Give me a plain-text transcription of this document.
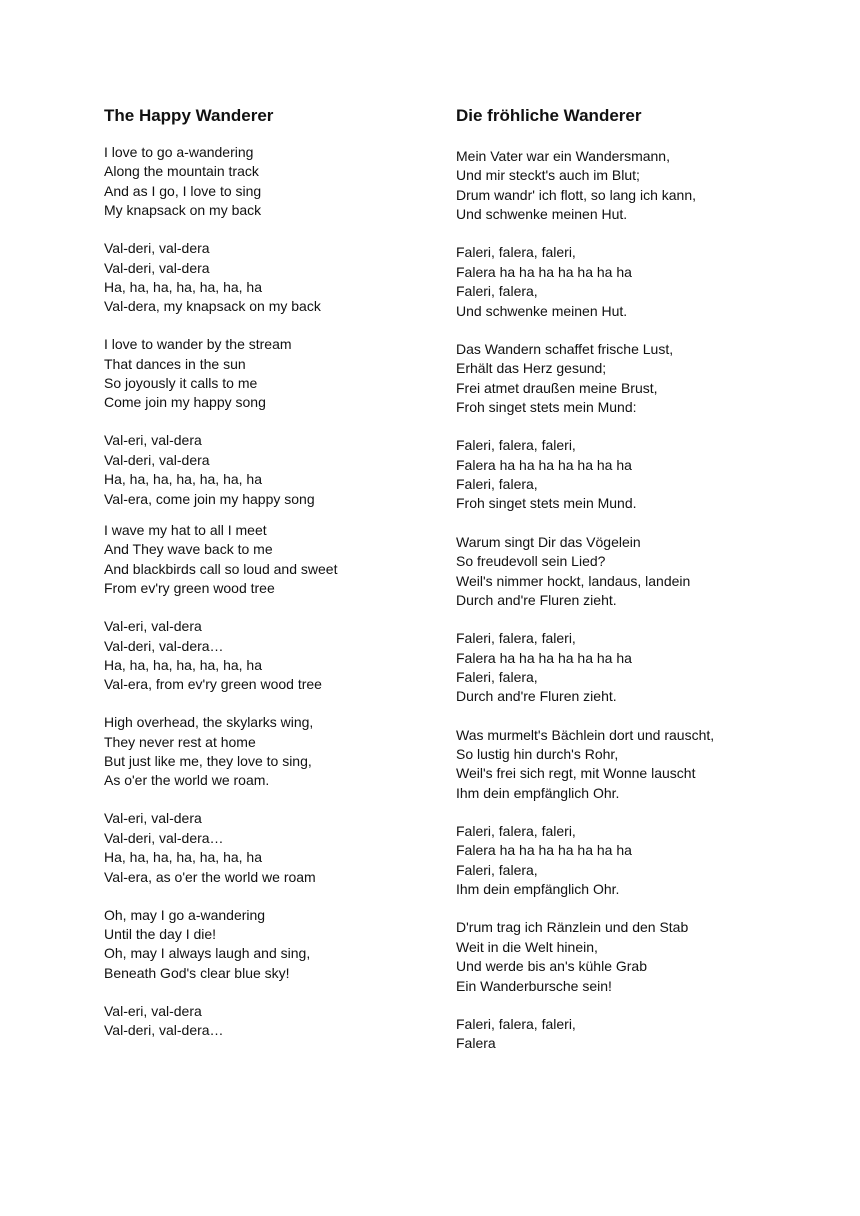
The Happy Wanderer

I love to go a-wandering
Along the mountain track
And as I go, I love to sing
My knapsack on my back

Val-deri, val-dera
Val-deri, val-dera
Ha, ha, ha, ha, ha, ha, ha
Val-dera, my knapsack on my back

I love to wander by the stream
That dances in the sun
So joyously it calls to me
Come join my happy song

Val-eri, val-dera
Val-deri, val-dera
Ha, ha, ha, ha, ha, ha, ha
Val-era, come join my happy song

I wave my hat to all I meet
And They wave back to me
And blackbirds call so loud and sweet
From ev'ry green wood tree

Val-eri, val-dera
Val-deri, val-dera…
Ha, ha, ha, ha, ha, ha, ha
Val-era, from ev'ry green wood tree

High overhead, the skylarks wing,
They never rest at home
But just like me, they love to sing,
As o'er the world we roam.

Val-eri, val-dera
Val-deri, val-dera…
Ha, ha, ha, ha, ha, ha, ha
Val-era, as o'er the world we roam

Oh, may I go a-wandering
Until the day I die!
Oh, may I always laugh and sing,
Beneath God's clear blue sky!

Val-eri, val-dera
Val-deri, val-dera…

Die fröhliche Wanderer

Mein Vater war ein Wandersmann,
Und mir steckt's auch im Blut;
Drum wandr' ich flott, so lang ich kann,
Und schwenke meinen Hut.

Faleri, falera, faleri,
Falera ha ha ha ha ha ha ha
Faleri, falera,
Und schwenke meinen Hut.

Das Wandern schaffet frische Lust,
Erhält das Herz gesund;
Frei atmet draußen meine Brust,
Froh singet stets mein Mund:

Faleri, falera, faleri,
Falera ha ha ha ha ha ha ha
Faleri, falera,
Froh singet stets mein Mund.

Warum singt Dir das Vögelein
So freudevoll sein Lied?
Weil's nimmer hockt, landaus, landein
Durch and're Fluren zieht.

Faleri, falera, faleri,
Falera ha ha ha ha ha ha ha
Faleri, falera,
Durch and're Fluren zieht.

Was murmelt's Bächlein dort und rauscht,
So lustig hin durch's Rohr,
Weil's frei sich regt, mit Wonne lauscht
Ihm dein empfänglich Ohr.

Faleri, falera, faleri,
Falera ha ha ha ha ha ha ha
Faleri, falera,
Ihm dein empfänglich Ohr.

D'rum trag ich Ränzlein und den Stab
Weit in die Welt hinein,
Und werde bis an's kühle Grab
Ein Wanderbursche sein!

Faleri, falera, faleri,
Falera
